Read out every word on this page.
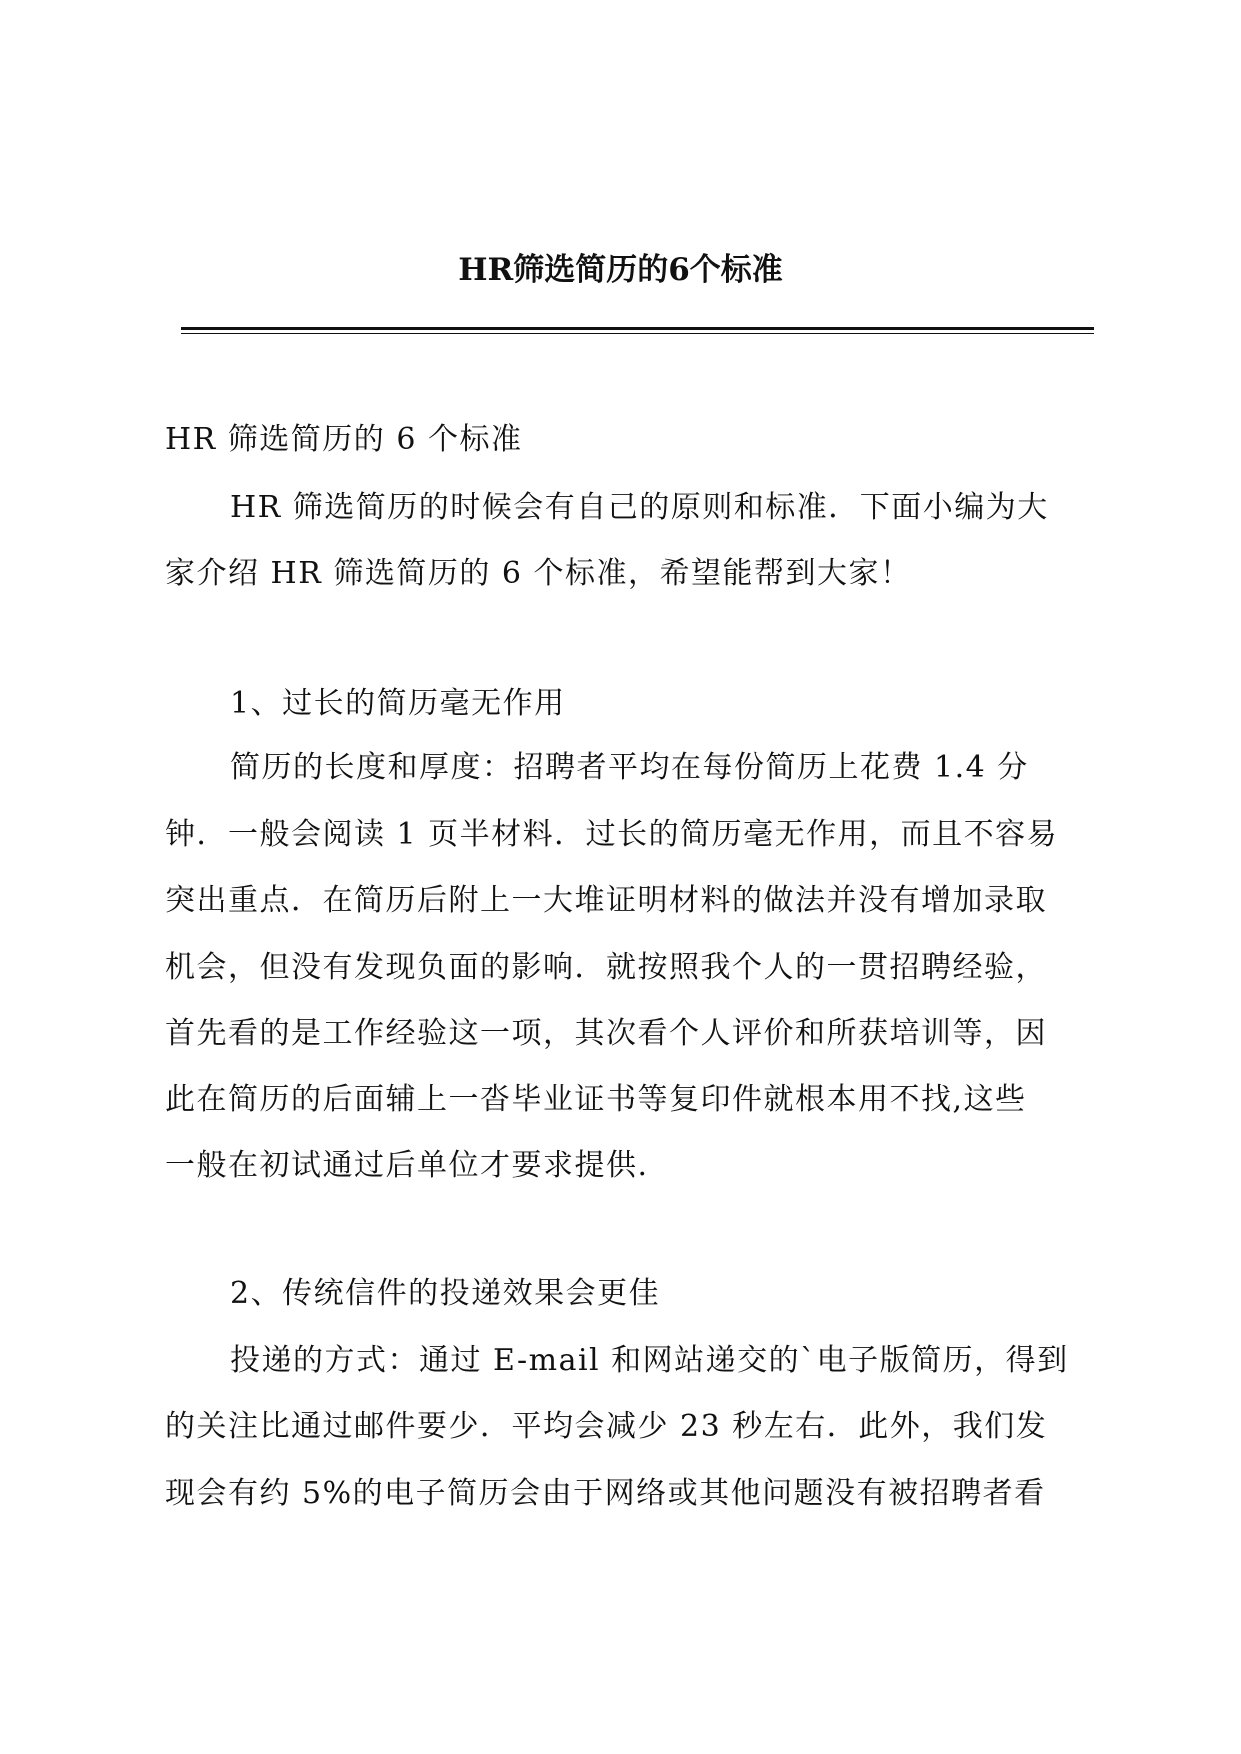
HR筛选简历的6个标准
HR 筛选简历的 6 个标准
HR 筛选简历的时候会有自己的原则和标准．下面小编为大
家介绍 HR 筛选简历的 6 个标准，希望能帮到大家！
1、过长的简历毫无作用
简历的长度和厚度：招聘者平均在每份简历上花费 1.4 分
钟．一般会阅读 1 页半材料．过长的简历毫无作用，而且不容易
突出重点．在简历后附上一大堆证明材料的做法并没有增加录取
机会，但没有发现负面的影响．就按照我个人的一贯招聘经验，
首先看的是工作经验这一项，其次看个人评价和所获培训等，因
此在简历的后面辅上一沓毕业证书等复印件就根本用不找,这些
一般在初试通过后单位才要求提供.
2、传统信件的投递效果会更佳
投递的方式：通过 E-mail 和网站递交的`电子版简历，得到
的关注比通过邮件要少．平均会减少 23 秒左右．此外，我们发
现会有约 5%的电子简历会由于网络或其他问题没有被招聘者看
